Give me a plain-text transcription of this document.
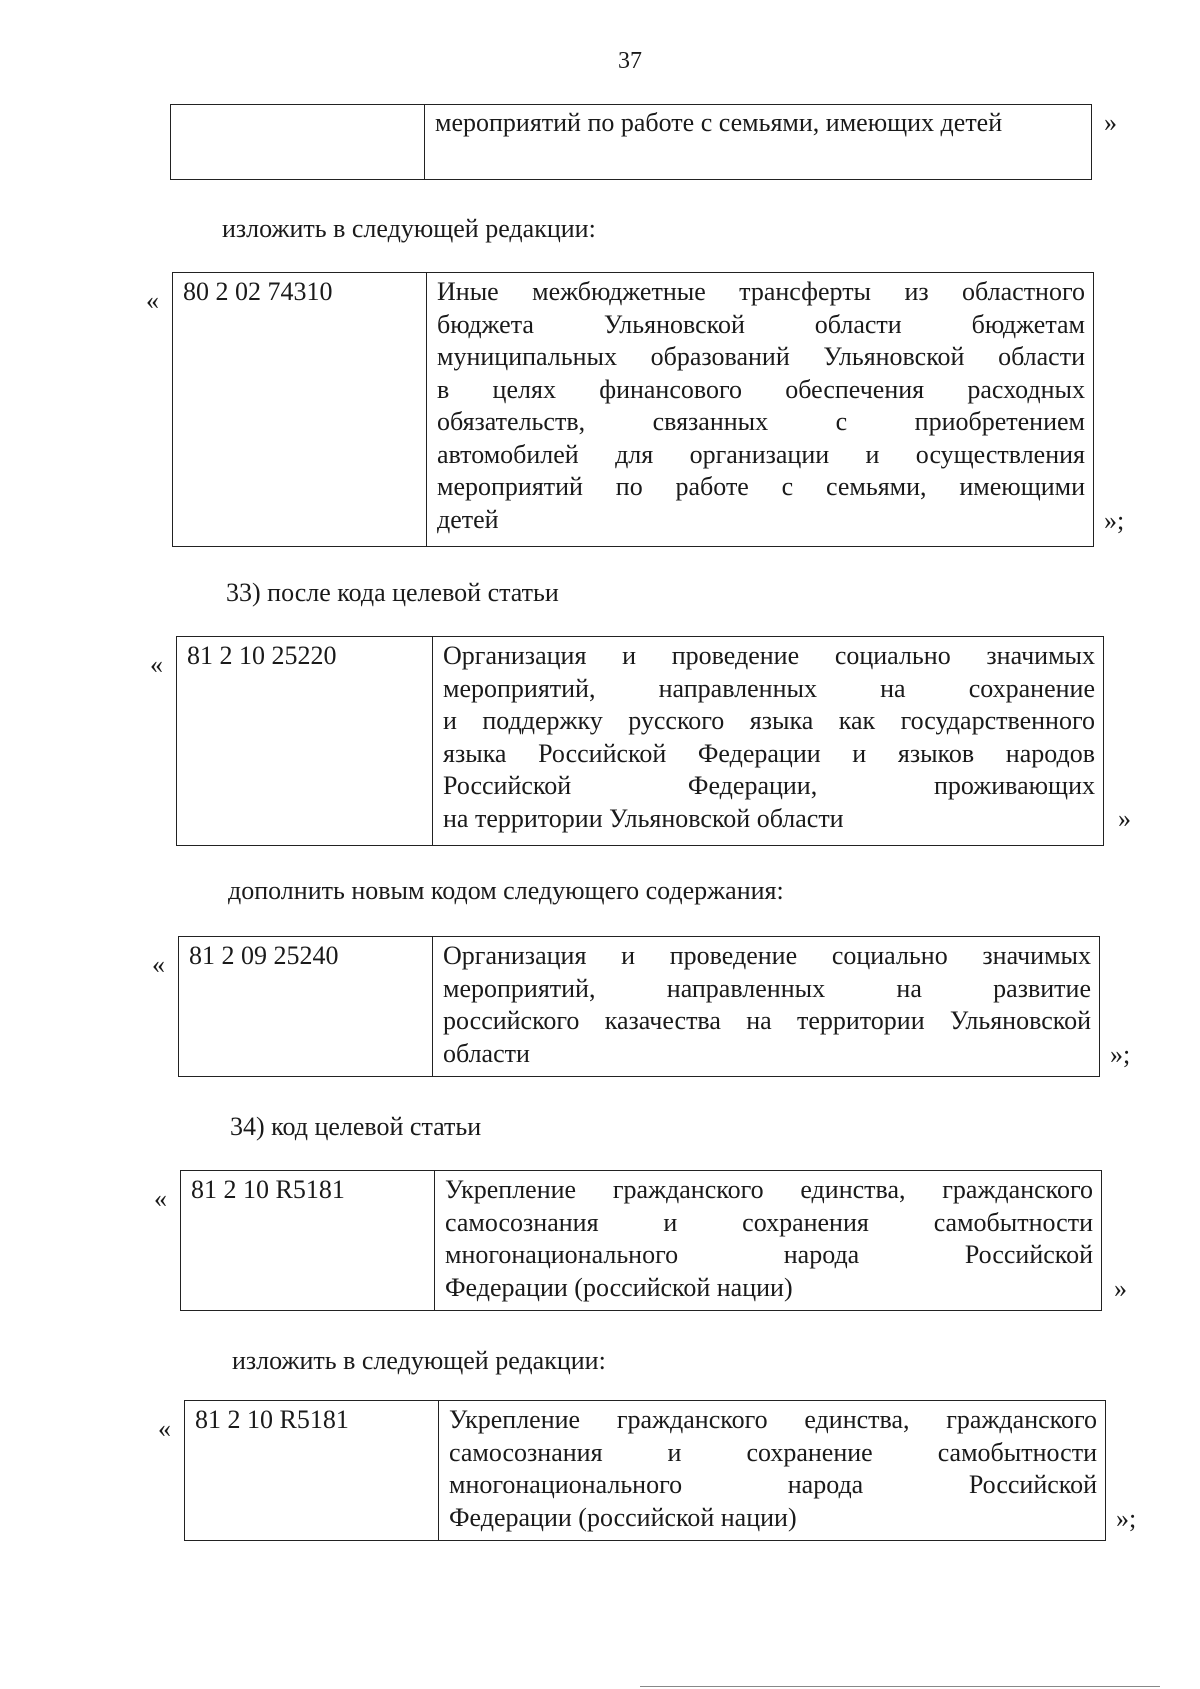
37
мероприятий по работе с семьями, имеющих детей	»
изложить в следующей редакции:
« 80 2 02 74310	Иные межбюджетные трансферты из областного
бюджета Ульяновской области бюджетам
муниципальных образований Ульяновской области
в целях финансового обеспечения расходных
обязательств, связанных с приобретением
автомобилей для организации и осуществления
мероприятий по работе с семьями, имеющими
детей	»;
33) после кода целевой статьи
« 81 2 10 25220	Организация и проведение социально значимых
мероприятий, направленных на сохранение
и поддержку русского языка как государственного
языка Российской Федерации и языков народов
Российской Федерации, проживающих
на территории Ульяновской области	»
дополнить новым кодом следующего содержания:
« 81 2 09 25240	Организация и проведение социально значимых
мероприятий, направленных на развитие
российского казачества на территории Ульяновской
области	»;
34) код целевой статьи
« 81 2 10 R5181	Укрепление гражданского единства, гражданского
самосознания и сохранения самобытности
многонационального народа Российской
Федерации (российской нации)	»
изложить в следующей редакции:
« 81 2 10 R5181	Укрепление гражданского единства, гражданского
самосознания и сохранение самобытности
многонационального народа Российской
Федерации (российской нации)	»;
